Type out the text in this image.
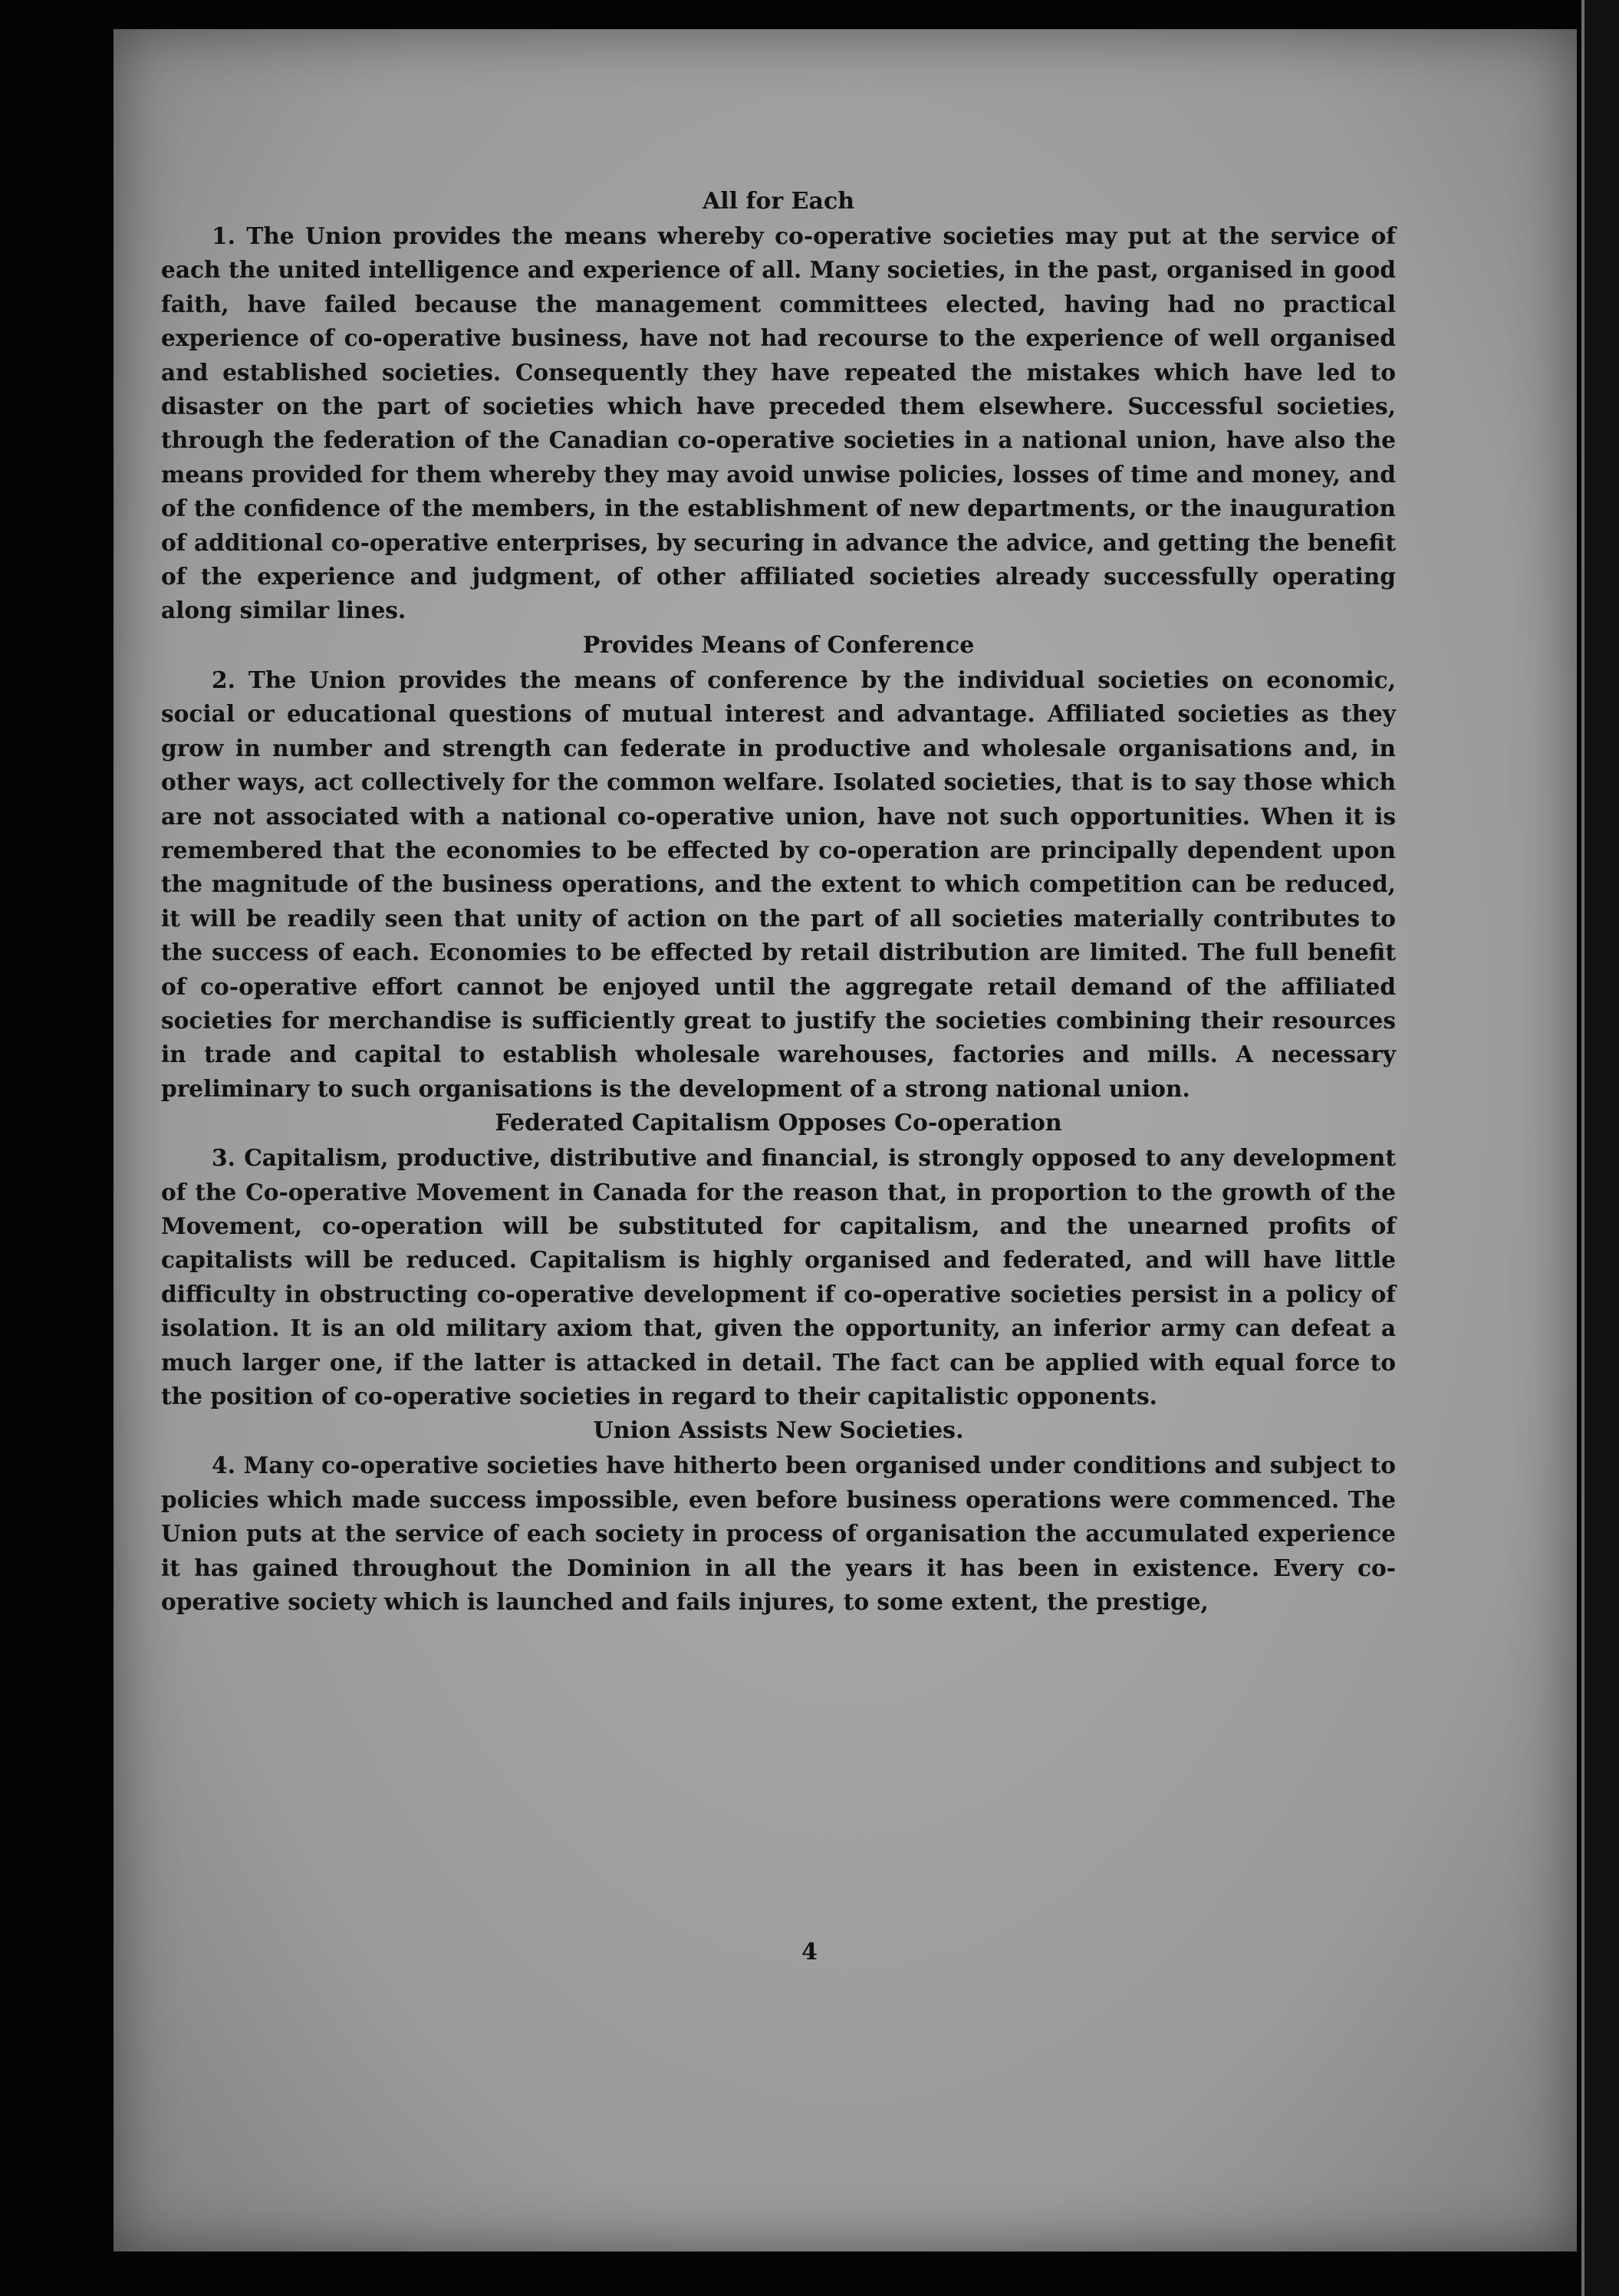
All for Each

1. The Union provides the means whereby co-operative societies may put at the service of each the united intelligence and experience of all. Many societies, in the past, organised in good faith, have failed because the management committees elected, having had no practical experience of co-operative business, have not had recourse to the experience of well organised and established societies. Consequently they have repeated the mistakes which have led to disaster on the part of societies which have preceded them elsewhere. Successful societies, through the federation of the Canadian co-operative societies in a national union, have also the means provided for them whereby they may avoid unwise policies, losses of time and money, and of the confidence of the members, in the establishment of new departments, or the inauguration of additional co-operative enterprises, by securing in advance the advice, and getting the benefit of the experience and judgment, of other affiliated societies already successfully operating along similar lines.

Provides Means of Conference

2. The Union provides the means of conference by the individual societies on economic, social or educational questions of mutual interest and advantage. Affiliated societies as they grow in number and strength can federate in productive and wholesale organisations and, in other ways, act collectively for the common welfare. Isolated societies, that is to say those which are not associated with a national co-operative union, have not such opportunities. When it is remembered that the economies to be effected by co-operation are principally dependent upon the magnitude of the business operations, and the extent to which competition can be reduced, it will be readily seen that unity of action on the part of all societies materially contributes to the success of each. Economies to be effected by retail distribution are limited. The full benefit of co-operative effort cannot be enjoyed until the aggregate retail demand of the affiliated societies for merchandise is sufficiently great to justify the societies combining their resources in trade and capital to establish wholesale warehouses, factories and mills. A necessary preliminary to such organisations is the development of a strong national union.

Federated Capitalism Opposes Co-operation

3. Capitalism, productive, distributive and financial, is strongly opposed to any development of the Co-operative Movement in Canada for the reason that, in proportion to the growth of the Movement, co-operation will be substituted for capitalism, and the unearned profits of capitalists will be reduced. Capitalism is highly organised and federated, and will have little difficulty in obstructing co-operative development if co-operative societies persist in a policy of isolation. It is an old military axiom that, given the opportunity, an inferior army can defeat a much larger one, if the latter is attacked in detail. The fact can be applied with equal force to the position of co-operative societies in regard to their capitalistic opponents.

Union Assists New Societies.

4. Many co-operative societies have hitherto been organised under conditions and subject to policies which made success impossible, even before business operations were commenced. The Union puts at the service of each society in process of organisation the accumulated experience it has gained throughout the Dominion in all the years it has been in existence. Every co-operative society which is launched and fails injures, to some extent, the prestige,

4
